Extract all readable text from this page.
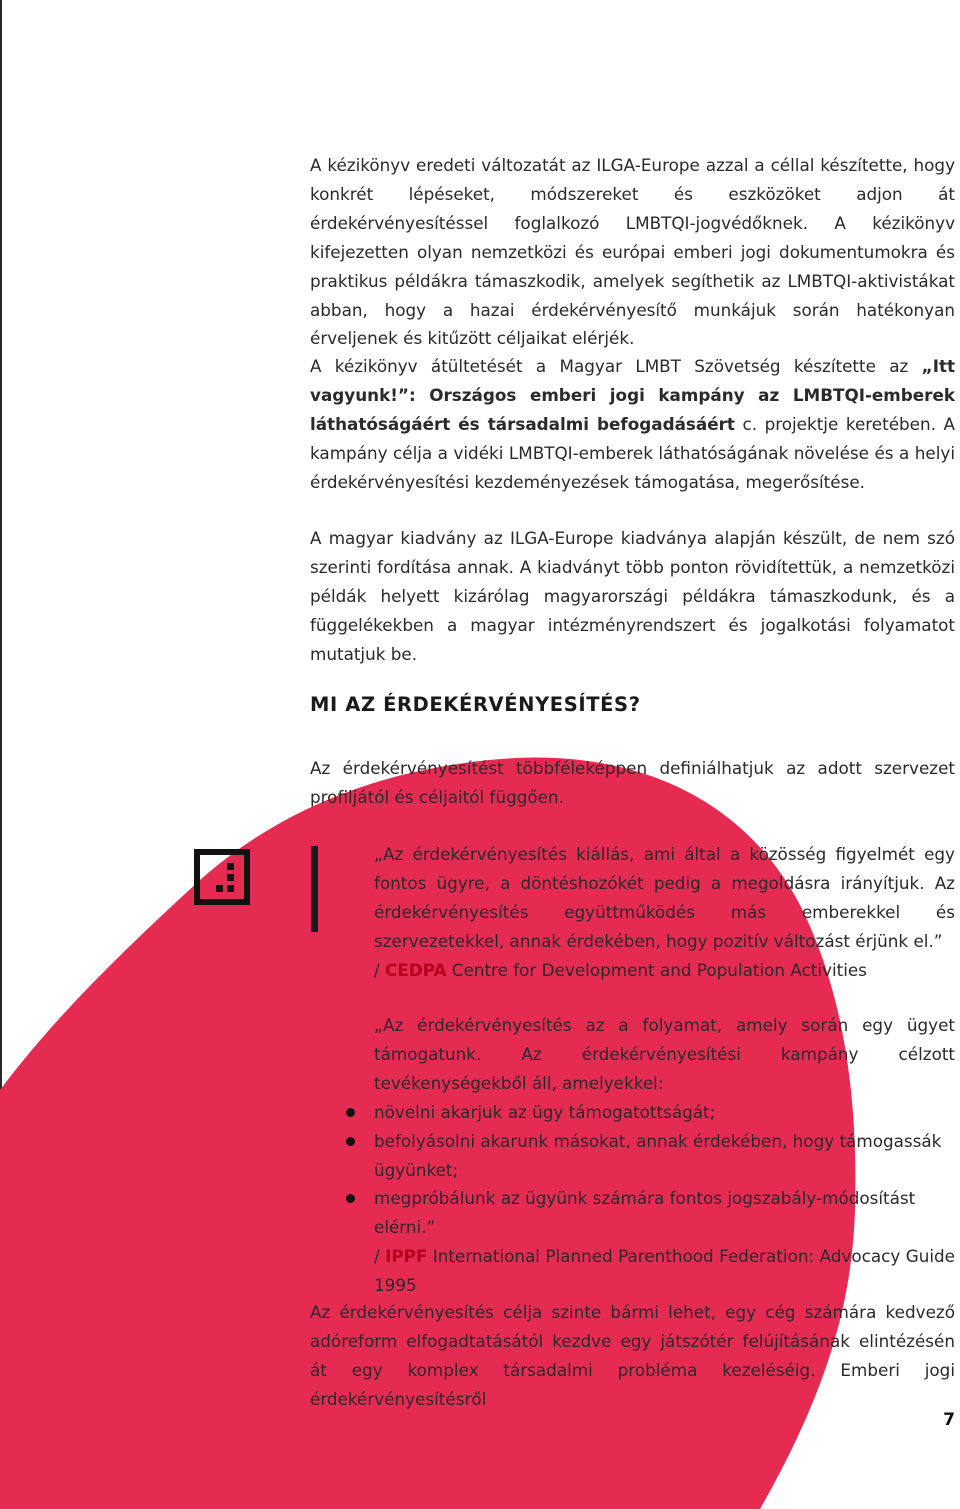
A kézikönyv eredeti változatát az ILGA-Europe azzal a céllal készítette, hogy konkrét lépéseket, módszereket és eszközöket adjon át érdekérvényesítéssel foglalkozó LMBTQI-jogvédőknek. A kézikönyv kifejezetten olyan nemzetközi és európai emberi jogi dokumentumokra és praktikus példákra támaszkodik, amelyek segíthetik az LMBTQI-aktivistákat abban, hogy a hazai érdekérvényesítő munkájuk során hatékonyan érveljenek és kitűzött céljaikat elérjék.

A kézikönyv átültetését a Magyar LMBT Szövetség készítette az „Itt vagyunk!”: Országos emberi jogi kampány az LMBTQI-emberek láthatóságáért és társadalmi befogadásáért c. projektje keretében. A kampány célja a vidéki LMBTQI-emberek láthatóságának növelése és a helyi érdekérvényesítési kezdeményezések támogatása, megerősítése.

A magyar kiadvány az ILGA-Europe kiadványa alapján készült, de nem szó szerinti fordítása annak. A kiadványt több ponton rövidítettük, a nemzetközi példák helyett kizárólag magyarországi példákra támaszkodunk, és a függelékekben a magyar intézményrendszert és jogalkotási folyamatot mutatjuk be.

MI AZ ÉRDEKÉRVÉNYESÍTÉS?

Az érdekérvényesítést többféleképpen definiálhatjuk az adott szervezet profiljától és céljaitól függően.

„Az érdekérvényesítés kiállás, ami által a közösség figyelmét egy fontos ügyre, a döntéshozókét pedig a megoldásra irányítjuk. Az érdekérvényesítés együttműködés más emberekkel és szervezetekkel, annak érdekében, hogy pozitív változást érjünk el.”

/ CEDPA Centre for Development and Population Activities

„Az érdekérvényesítés az a folyamat, amely során egy ügyet támogatunk. Az érdekérvényesítési kampány célzott tevékenységekből áll, amelyekkel:

növelni akarjuk az ügy támogatottságát;
befolyásolni akarunk másokat, annak érdekében, hogy támogassák ügyünket;
megpróbálunk az ügyünk számára fontos jogszabály-módosítást elérni.”
/ IPPF International Planned Parenthood Federation: Advocacy Guide 1995

Az érdekérvényesítés célja szinte bármi lehet, egy cég számára kedvező adóreform elfogadtatásától kezdve egy játszótér felújításának elintézésén át egy komplex társadalmi probléma kezeléséig. Emberi jogi érdekérvényesítésről

7
